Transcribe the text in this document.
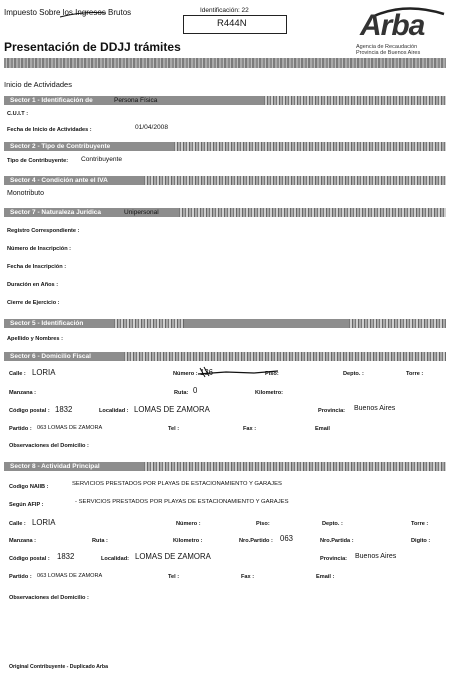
Impuesto Sobre los Ingresos Brutos	Identificación: 22
R444N
Presentación de DDJJ trámites
Arba
Agencia de Recaudación
Provincia de Buenos Aires
Inicio de Actividades
Sector 1 - Identificación de	Persona Física
C.U.I.T :
Fecha de Inicio de Actividades :	01/04/2008
Sector 2 - Tipo de Contribuyente
Tipo de Contribuyente: Contribuyente
Sector 4 - Condición ante el IVA
Monotributo
Sector 7 - Naturaleza Jurídica	Unipersonal
Registro Correspondiente :
Número de Inscripción :
Fecha de Inscripción :
Duración en Años :
Cierre de Ejercicio :
Sector 5 - Identificación
Apellido y Nombres :
Sector 6 - Domicilio Fiscal
Calle : LORIA	Número : 136	Piso:	Depto. :	Torre :
Manzana :	Ruta: 0	Kilometro:
Código postal : 1832	Localidad : LOMAS DE ZAMORA	Provincia: Buenos Aires
Partido : 063 LOMAS DE ZAMORA	Tel :	Fax :	Email
Observaciones del Domicilio :
Sector 8 - Actividad Principal
Codigo NAIIB :	SERVICIOS PRESTADOS POR PLAYAS DE ESTACIONAMIENTO Y GARAJES
Según AFIP :	- SERVICIOS PRESTADOS POR PLAYAS DE ESTACIONAMIENTO Y GARAJES
Calle : LORIA	Número :	Piso:	Depto. :	Torre :
Manzana :	Ruta :	Kilometro :	Nro.Partido : 063	Nro.Partida :	Digito :
Código postal : 1832	Localidad: LOMAS DE ZAMORA	Provincia: Buenos Aires
Partido : 063 LOMAS DE ZAMORA	Tel :	Fax :	Email :
Observaciones del Domicilio :
Original Contribuyente - Duplicado Arba
